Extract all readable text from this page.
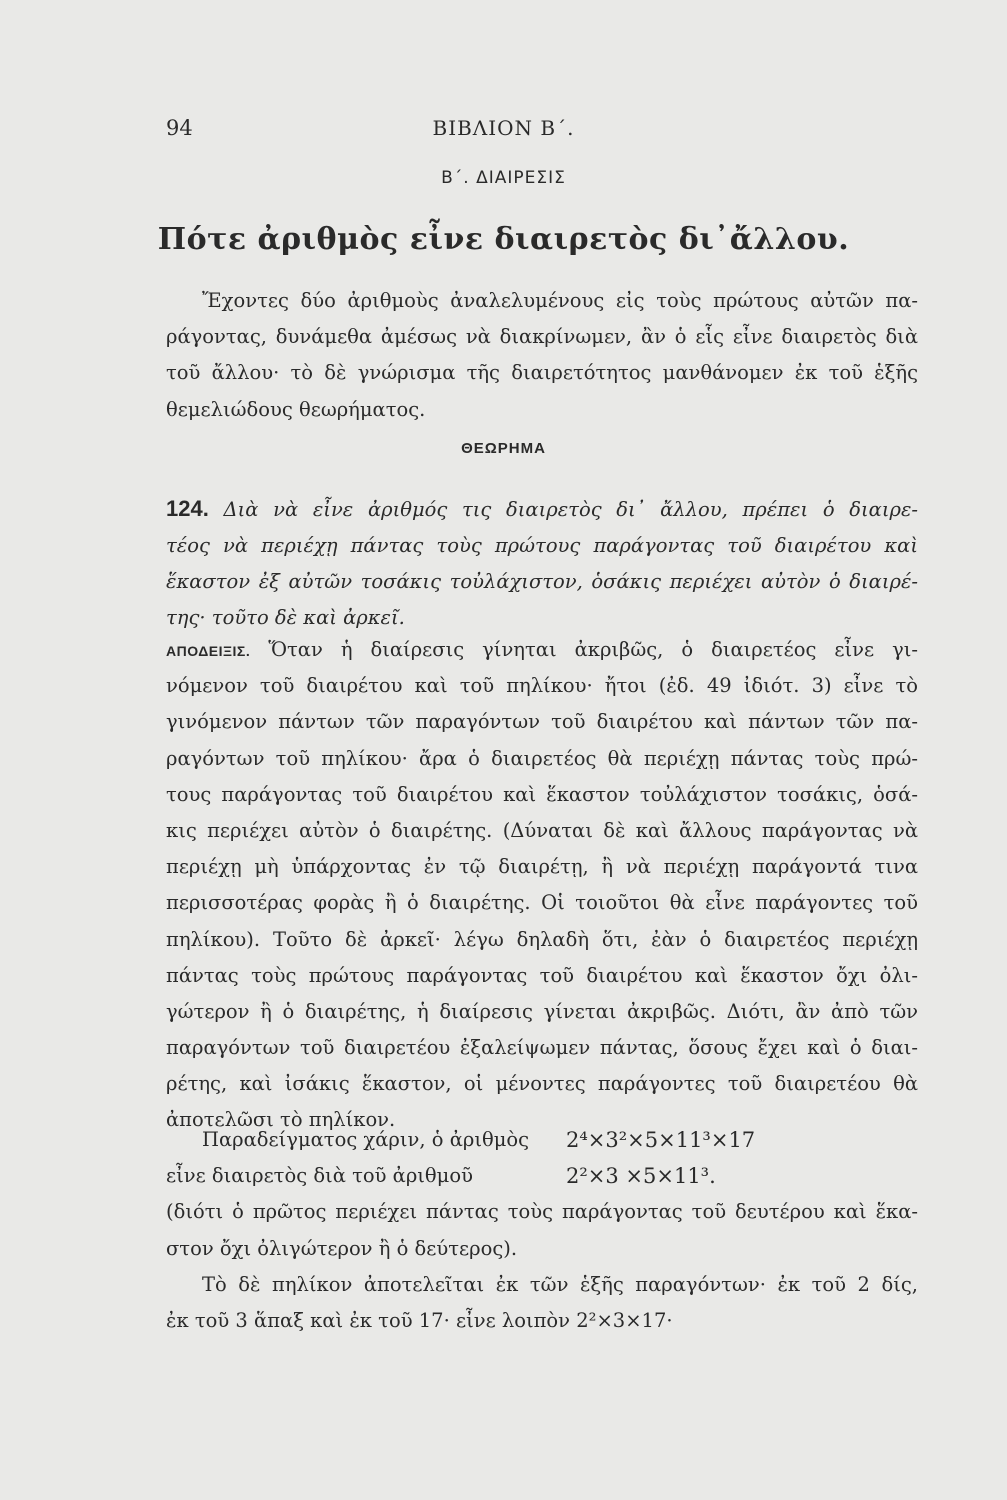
94	ΒΙΒΛΙΟΝ Β΄.
Β΄. ΔΙΑΙΡΕΣΙΣ
Πότε ἀριθμὸς εἶνε διαιρετὸς δι᾿ἄλλου.
Ἔχοντες δύο ἀριθμοὺς ἀναλελυμένους εἰς τοὺς πρώτους αὐτῶν πα-
ράγοντας, δυνάμεθα ἀμέσως νὰ διακρίνωμεν, ἂν ὁ εἷς εἶνε διαιρετὸς διὰ
τοῦ ἄλλου· τὸ δὲ γνώρισμα τῆς διαιρετότητος μανθάνομεν ἐκ τοῦ ἑξῆς
θεμελιώδους θεωρήματος.
ΘΕΩΡΗΜΑ
124. Διὰ νὰ εἶνε ἀριθμός τις διαιρετὸς δι᾿ ἄλλου, πρέπει ὁ διαιρε-
τέος νὰ περιέχῃ πάντας τοὺς πρώτους παράγοντας τοῦ διαιρέτου καὶ
ἕκαστον ἐξ αὐτῶν τοσάκις τοὐλάχιστον, ὁσάκις περιέχει αὐτὸν ὁ διαιρέ-
της· τοῦτο δὲ καὶ ἀρκεῖ.
ΑΠΟΔΕΙΞΙΣ. Ὅταν ἡ διαίρεσις γίνηται ἀκριβῶς, ὁ διαιρετέος εἶνε γι-
νόμενον τοῦ διαιρέτου καὶ τοῦ πηλίκου· ἤτοι (ἐδ. 49 ἰδιότ. 3) εἶνε τὸ
γινόμενον πάντων τῶν παραγόντων τοῦ διαιρέτου καὶ πάντων τῶν πα-
ραγόντων τοῦ πηλίκου· ἄρα ὁ διαιρετέος θὰ περιέχῃ πάντας τοὺς πρώ-
τους παράγοντας τοῦ διαιρέτου καὶ ἕκαστον τοὐλάχιστον τοσάκις, ὁσά-
κις περιέχει αὐτὸν ὁ διαιρέτης. (Δύναται δὲ καὶ ἄλλους παράγοντας νὰ
περιέχῃ μὴ ὑπάρχοντας ἐν τῷ διαιρέτῃ, ἢ νὰ περιέχῃ παράγοντά τινα
περισσοτέρας φορὰς ἢ ὁ διαιρέτης. Οἱ τοιοῦτοι θὰ εἶνε παράγοντες τοῦ
πηλίκου). Τοῦτο δὲ ἀρκεῖ· λέγω δηλαδὴ ὅτι, ἐὰν ὁ διαιρετέος περιέχῃ
πάντας τοὺς πρώτους παράγοντας τοῦ διαιρέτου καὶ ἕκαστον ὄχι ὀλι-
γώτερον ἢ ὁ διαιρέτης, ἡ διαίρεσις γίνεται ἀκριβῶς. Διότι, ἂν ἀπὸ τῶν
παραγόντων τοῦ διαιρετέου ἐξαλείψωμεν πάντας, ὅσους ἔχει καὶ ὁ διαι-
ρέτης, καὶ ἰσάκις ἕκαστον, οἱ μένοντες παράγοντες τοῦ διαιρετέου θὰ
ἀποτελῶσι τὸ πηλίκον.
Παραδείγματος χάριν, ὁ ἀριθμὸς 2⁴×3²×5×11³×17
εἶνε διαιρετὸς διὰ τοῦ ἀριθμοῦ	2²×3 ×5×11³.
(διότι ὁ πρῶτος περιέχει πάντας τοὺς παράγοντας τοῦ δευτέρου καὶ ἕκα-
στον ὄχι ὀλιγώτερον ἢ ὁ δεύτερος).
Τὸ δὲ πηλίκον ἀποτελεῖται ἐκ τῶν ἑξῆς παραγόντων· ἐκ τοῦ 2 δίς,
ἐκ τοῦ 3 ἅπαξ καὶ ἐκ τοῦ 17· εἶνε λοιπὸν 2²×3×17·
